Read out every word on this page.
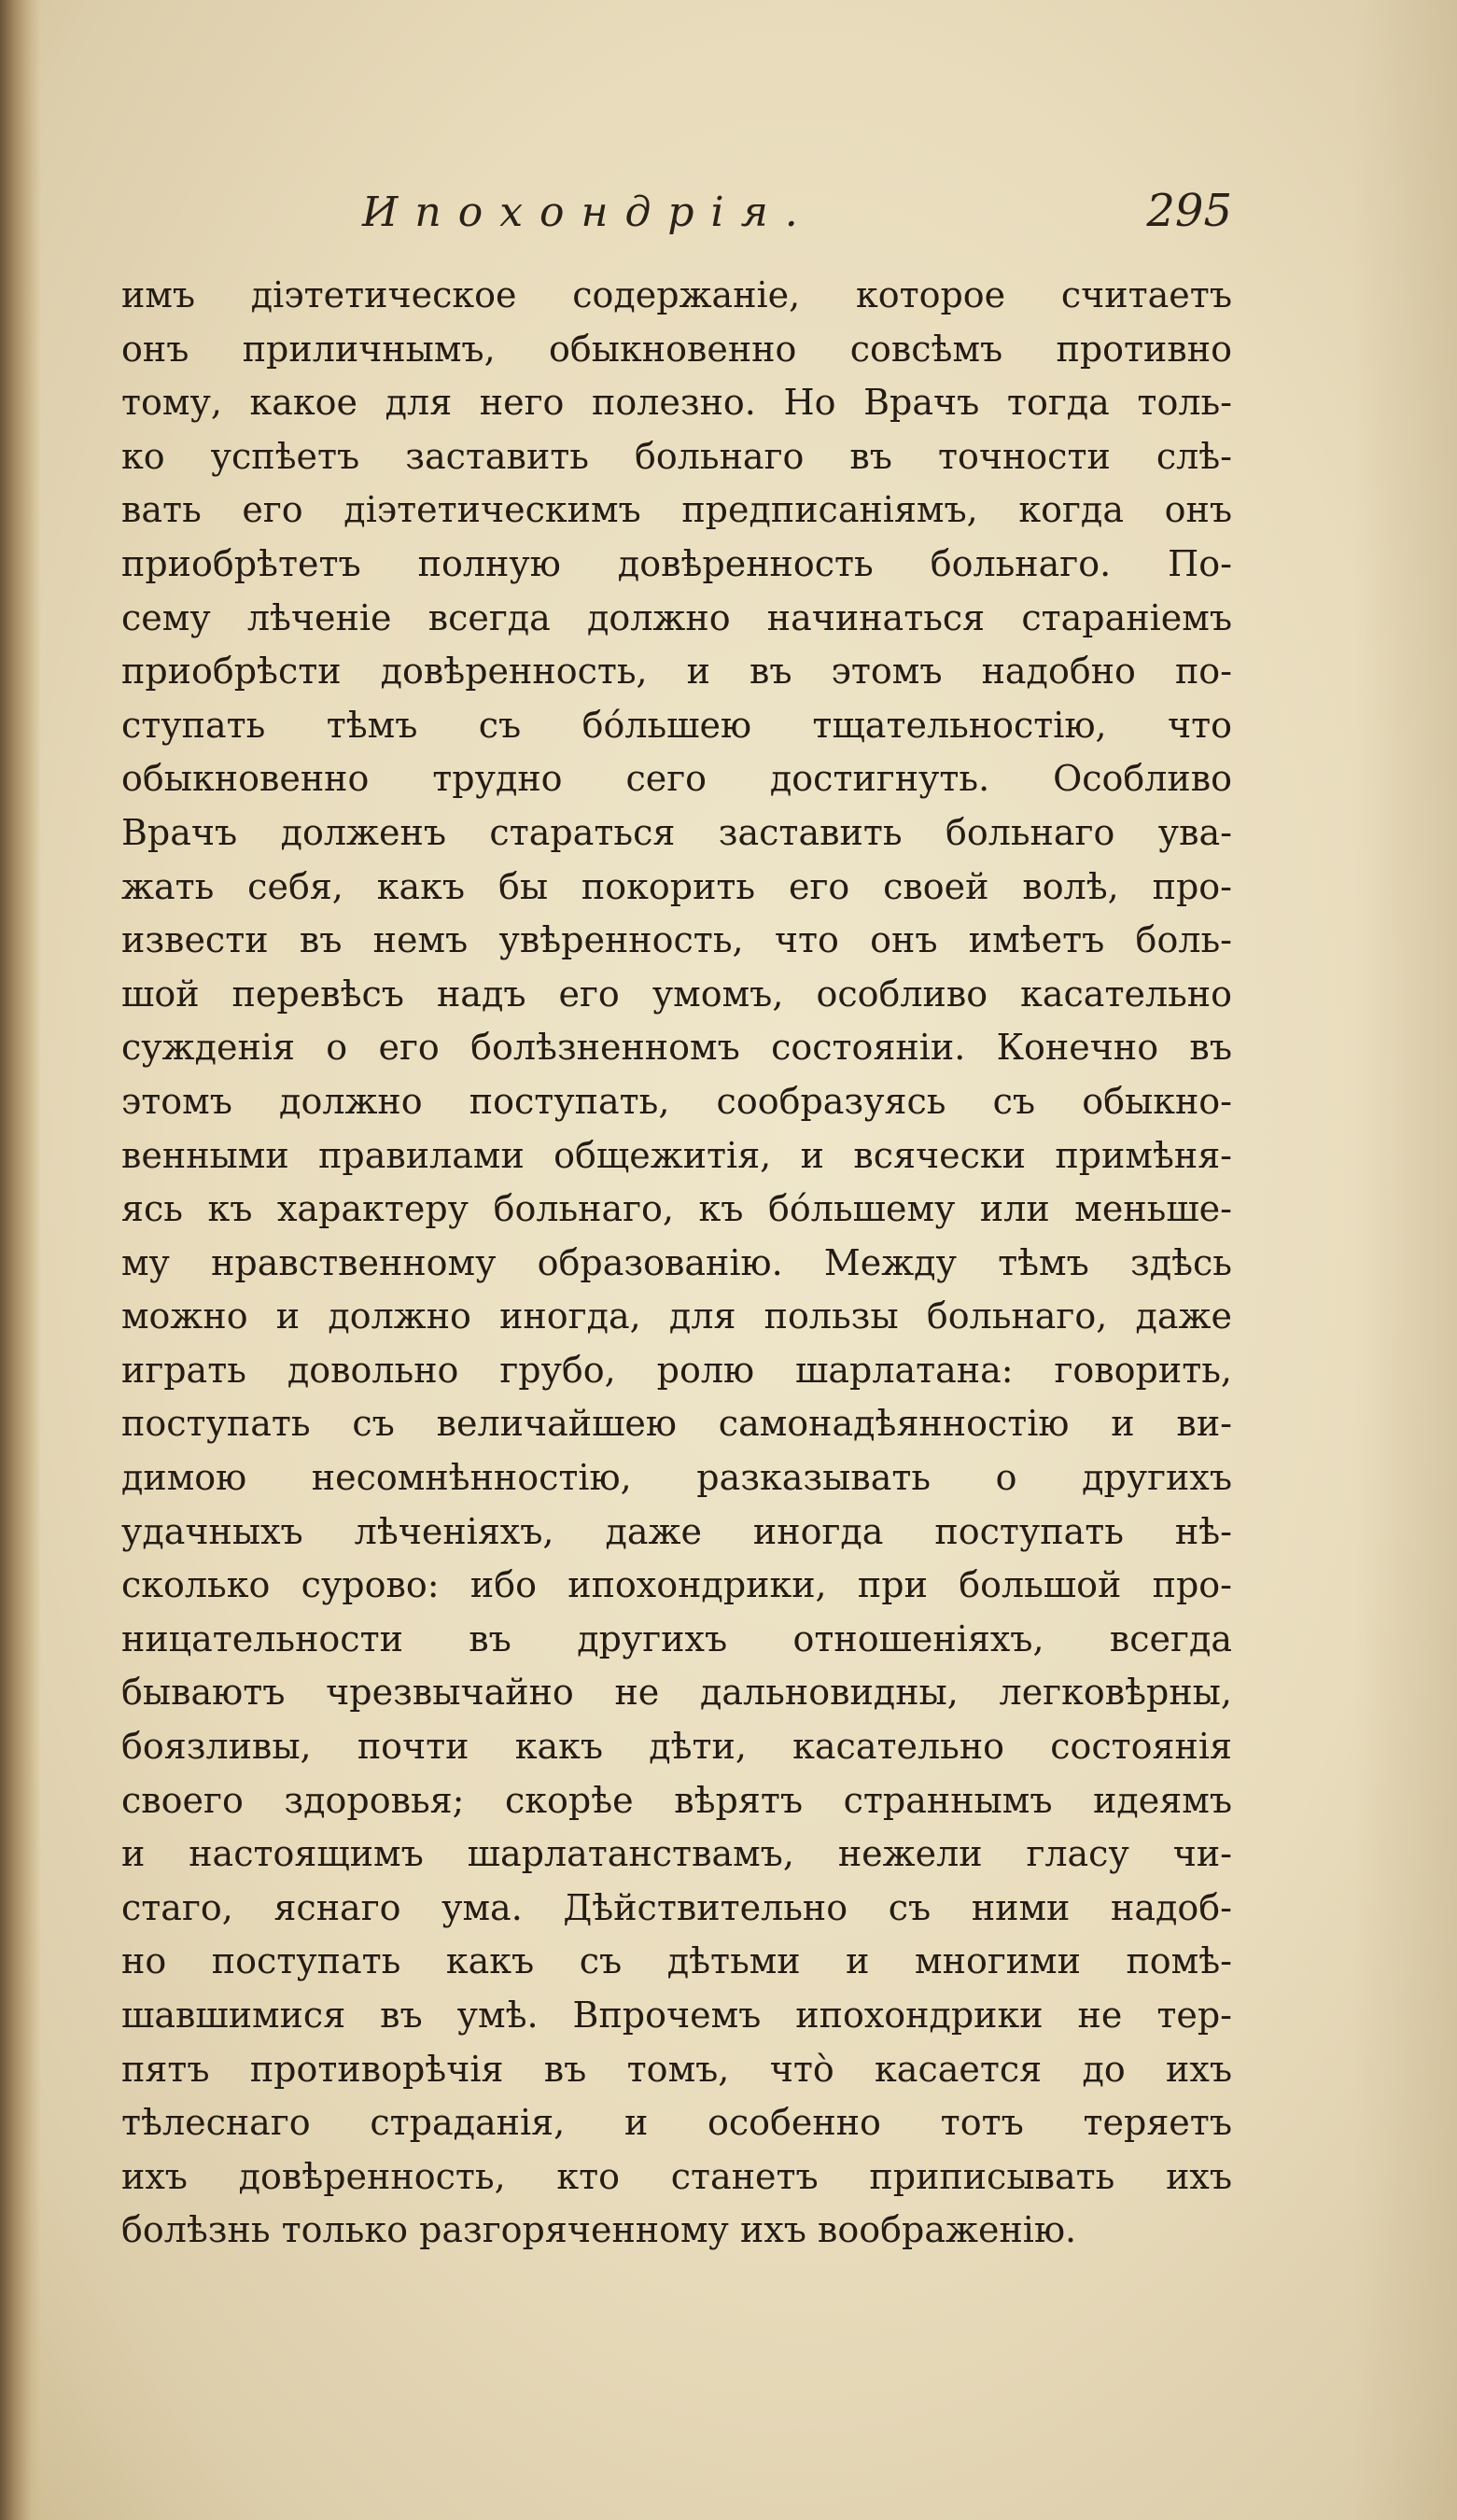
Ипохондрія.	295
имъ діэтетическое содержаніе, которое считаетъ
онъ приличнымъ, обыкновенно совсѣмъ противно
тому, какое для него полезно. Но Врачъ тогда толь-
ко успѣетъ заставить больнаго въ точности слѣ-
вать его діэтетическимъ предписаніямъ, когда онъ
приобрѣтетъ полную довѣренность больнаго. По-
сему лѣченіе всегда должно начинаться стараніемъ
приобрѣсти довѣренность, и въ этомъ надобно по-
ступать тѣмъ съ бо́льшею тщательностію, что
обыкновенно трудно сего достигнуть. Особливо
Врачъ долженъ стараться заставить больнаго ува-
жать себя, какъ бы покорить его своей волѣ, про-
извести въ немъ увѣренность, что онъ имѣетъ боль-
шой перевѣсъ надъ его умомъ, особливо касательно
сужденія о его болѣзненномъ состояніи. Конечно въ
этомъ должно поступать, сообразуясь съ обыкно-
венными правилами общежитія, и всячески примѣня-
ясь къ характеру больнаго, къ бо́льшему или меньше-
му нравственному образованію. Между тѣмъ здѣсь
можно и должно иногда, для пользы больнаго, даже
играть довольно грубо, ролю шарлатана: говорить,
поступать съ величайшею самонадѣянностію и ви-
димою несомнѣнностію, разказывать о другихъ
удачныхъ лѣченіяхъ, даже иногда поступать нѣ-
сколько сурово: ибо ипохондрики, при большой про-
ницательности въ другихъ отношеніяхъ, всегда
бываютъ чрезвычайно не дальновидны, легковѣрны,
боязливы, почти какъ дѣти, касательно состоянія
своего здоровья; скорѣе вѣрятъ страннымъ идеямъ
и настоящимъ шарлатанствамъ, нежели гласу чи-
стаго, яснаго ума. Дѣйствительно съ ними надоб-
но поступать какъ съ дѣтьми и многими помѣ-
шавшимися въ умѣ. Впрочемъ ипохондрики не тер-
пятъ противорѣчія въ томъ, что̀ касается до ихъ
тѣлеснаго страданія, и особенно тотъ теряетъ
ихъ довѣренность, кто станетъ приписывать ихъ
болѣзнь только разгоряченному ихъ воображенію.
